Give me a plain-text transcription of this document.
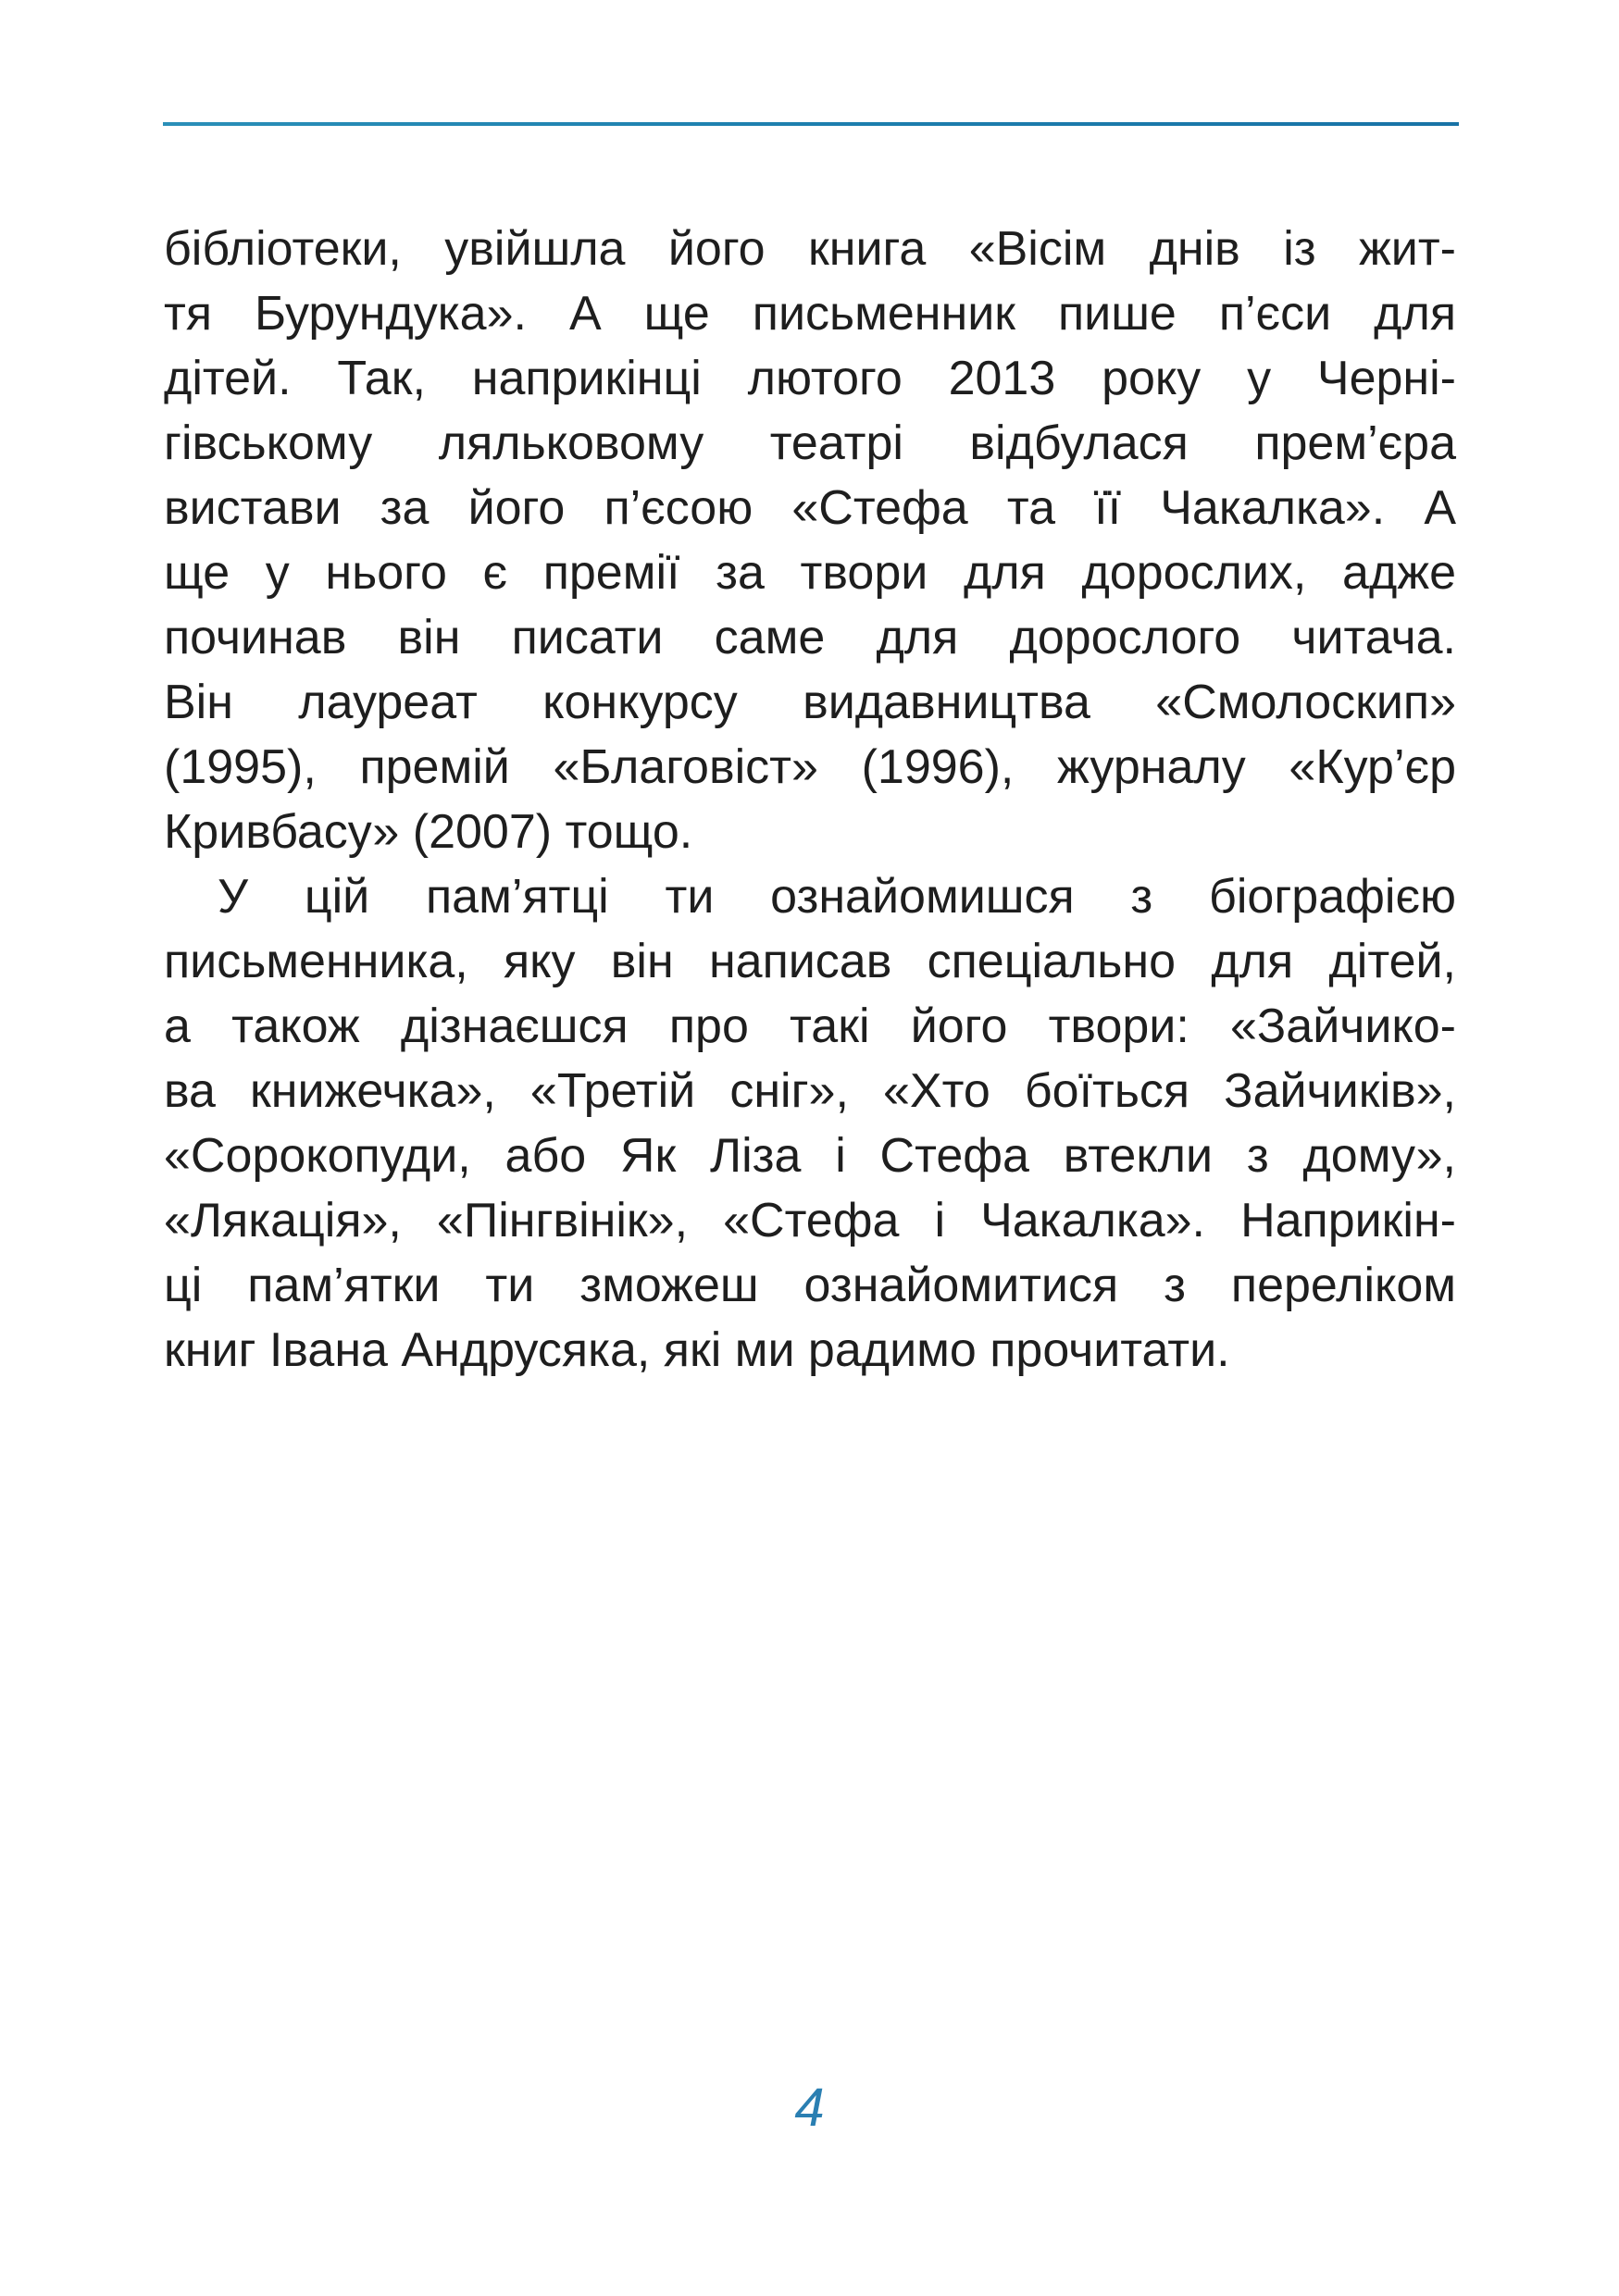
бібліотеки, увійшла його книга «Вісім днів із жит-
тя Бурундука». А ще письменник пише п’єси для
дітей. Так, наприкінці лютого 2013 року у Черні-
гівському ляльковому театрі відбулася прем’єра
вистави за його п’єсою «Стефа та її Чакалка». А
ще у нього є премії за твори для дорослих, адже
починав він писати саме для дорослого читача.
Він лауреат конкурсу видавництва «Смолоскип»
(1995), премій «Благовіст» (1996), журналу «Кур’єр
Кривбасу» (2007) тощо.
У цій пам’ятці ти ознайомишся з біографією
письменника, яку він написав спеціально для дітей,
а також дізнаєшся про такі його твори: «Зайчико-
ва книжечка», «Третій сніг», «Хто боїться Зайчиків»,
«Сорокопуди, або Як Ліза і Стефа втекли з дому»,
«Лякація», «Пінгвінік», «Стефа і Чакалка». Наприкін-
ці пам’ятки ти зможеш ознайомитися з переліком
книг Івана Андрусяка, які ми радимо прочитати.
4
